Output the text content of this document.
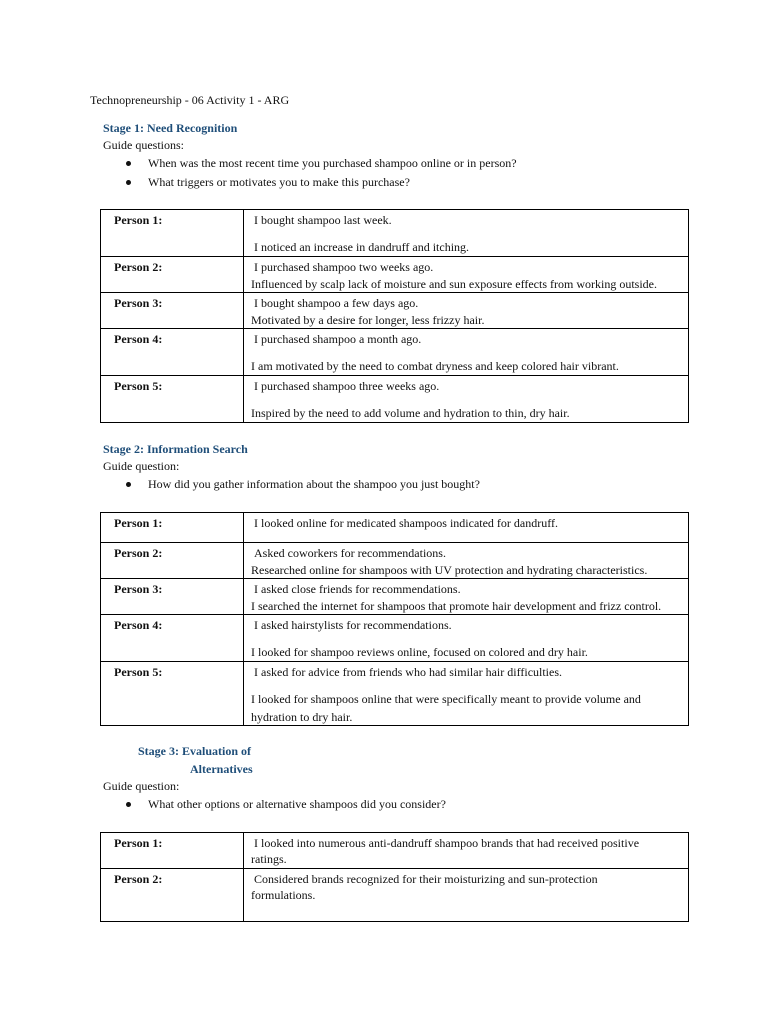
Technopreneurship - 06 Activity 1 - ARG
Stage 1: Need Recognition
Guide questions:
When was the most recent time you purchased shampoo online or in person?
What triggers or motivates you to make this purchase?
Person 1:	I bought shampoo last week.
I noticed an increase in dandruff and itching.

Person 2:	I purchased shampoo two weeks ago.
Influenced by scalp lack of moisture and sun exposure effects from working outside.

Person 3:	I bought shampoo a few days ago.
Motivated by a desire for longer, less frizzy hair.

Person 4:	I purchased shampoo a month ago.
I am motivated by the need to combat dryness and keep colored hair vibrant.

Person 5:	I purchased shampoo three weeks ago.
Inspired by the need to add volume and hydration to thin, dry hair.
Stage 2: Information Search
Guide question:
How did you gather information about the shampoo you just bought?
Person 1:	I looked online for medicated shampoos indicated for dandruff.

Person 2:	Asked coworkers for recommendations.
Researched online for shampoos with UV protection and hydrating characteristics.

Person 3:	I asked close friends for recommendations.
I searched the internet for shampoos that promote hair development and frizz control.

Person 4:	I asked hairstylists for recommendations.
I looked for shampoo reviews online, focused on colored and dry hair.

Person 5:	I asked for advice from friends who had similar hair difficulties.
I looked for shampoos online that were specifically meant to provide volume and
hydration to dry hair.
Stage 3: Evaluation of
Alternatives
Guide question:
What other options or alternative shampoos did you consider?
Person 1:	I looked into numerous anti-dandruff shampoo brands that had received positive
ratings.

Person 2:	Considered brands recognized for their moisturizing and sun-protection
formulations.
